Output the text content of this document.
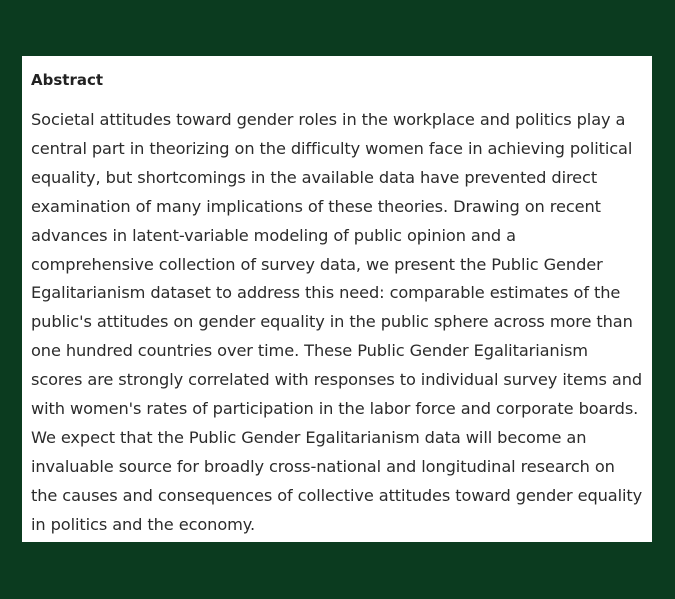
Abstract

Societal attitudes toward gender roles in the workplace and politics play a central part in theorizing on the difficulty women face in achieving political equality, but shortcomings in the available data have prevented direct examination of many implications of these theories. Drawing on recent advances in latent-variable modeling of public opinion and a comprehensive collection of survey data, we present the Public Gender Egalitarianism dataset to address this need: comparable estimates of the public's attitudes on gender equality in the public sphere across more than one hundred countries over time. These Public Gender Egalitarianism scores are strongly correlated with responses to individual survey items and with women's rates of participation in the labor force and corporate boards. We expect that the Public Gender Egalitarianism data will become an invaluable source for broadly cross-national and longitudinal research on the causes and consequences of collective attitudes toward gender equality in politics and the economy.
